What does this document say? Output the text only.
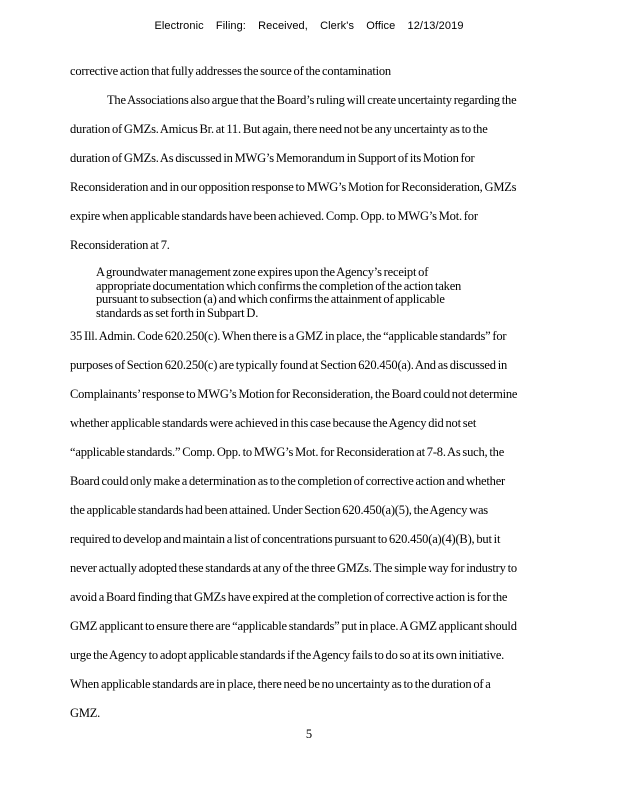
Electronic Filing: Received, Clerk's Office 12/13/2019
corrective action that fully addresses the source of the contamination
The Associations also argue that the Board’s ruling will create uncertainty regarding the
duration of GMZs. Amicus Br. at 11. But again, there need not be any uncertainty as to the
duration of GMZs. As discussed in MWG’s Memorandum in Support of its Motion for
Reconsideration and in our opposition response to MWG’s Motion for Reconsideration, GMZs
expire when applicable standards have been achieved. Comp. Opp. to MWG’s Mot. for
Reconsideration at 7.
A groundwater management zone expires upon the Agency’s receipt of
appropriate documentation which confirms the completion of the action taken
pursuant to subsection (a) and which confirms the attainment of applicable
standards as set forth in Subpart D.
35 Ill. Admin. Code 620.250(c). When there is a GMZ in place, the “applicable standards” for
purposes of Section 620.250(c) are typically found at Section 620.450(a). And as discussed in
Complainants’ response to MWG’s Motion for Reconsideration, the Board could not determine
whether applicable standards were achieved in this case because the Agency did not set
“applicable standards.” Comp. Opp. to MWG’s Mot. for Reconsideration at 7-8. As such, the
Board could only make a determination as to the completion of corrective action and whether
the applicable standards had been attained. Under Section 620.450(a)(5), the Agency was
required to develop and maintain a list of concentrations pursuant to 620.450(a)(4)(B), but it
never actually adopted these standards at any of the three GMZs. The simple way for industry to
avoid a Board finding that GMZs have expired at the completion of corrective action is for the
GMZ applicant to ensure there are “applicable standards” put in place. A GMZ applicant should
urge the Agency to adopt applicable standards if the Agency fails to do so at its own initiative.
When applicable standards are in place, there need be no uncertainty as to the duration of a
GMZ.
5
